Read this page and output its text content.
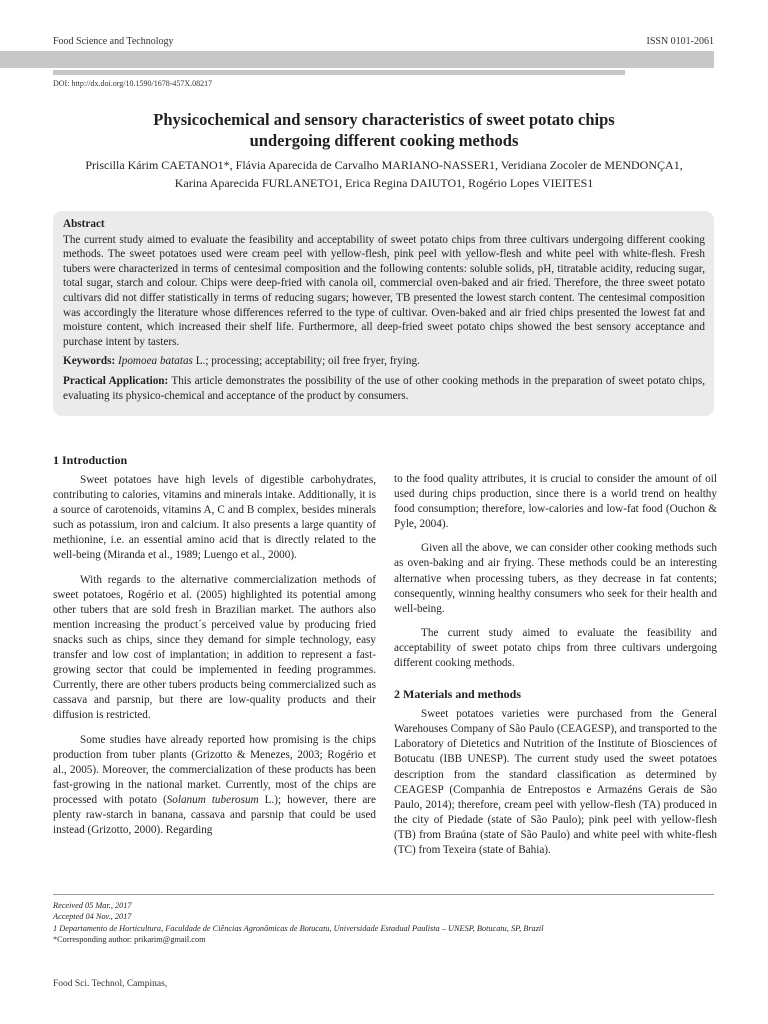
Food Science and Technology	ISSN 0101-2061
DOI: http://dx.doi.org/10.1590/1678-457X.08217
Physicochemical and sensory characteristics of sweet potato chips
undergoing different cooking methods
Priscilla Kárim CAETANO1*, Flávia Aparecida de Carvalho MARIANO-NASSER1, Veridiana Zocoler de MENDONÇA1,
Karina Aparecida FURLANETO1, Erica Regina DAIUTO1, Rogério Lopes VIEITES1
Abstract

The current study aimed to evaluate the feasibility and acceptability of sweet potato chips from three cultivars undergoing different cooking methods. The sweet potatoes used were cream peel with yellow-flesh, pink peel with yellow-flesh and white peel with white-flesh. Fresh tubers were characterized in terms of centesimal composition and the following contents: soluble solids, pH, titratable acidity, reducing sugar, total sugar, starch and colour. Chips were deep-fried with canola oil, commercial oven-baked and air fried. Therefore, the three sweet potato cultivars did not differ statistically in terms of reducing sugars; however, TB presented the lowest starch content. The centesimal composition was accordingly the literature whose differences referred to the type of cultivar. Oven-baked and air fried chips presented the lowest fat and moisture content, which increased their shelf life. Furthermore, all deep-fried sweet potato chips showed the best sensory acceptance and purchase intent by tasters.

Keywords: Ipomoea batatas L.; processing; acceptability; oil free fryer, frying.

Practical Application: This article demonstrates the possibility of the use of other cooking methods in the preparation of sweet potato chips, evaluating its physico-chemical and acceptance of the product by consumers.

1 Introduction

Sweet potatoes have high levels of digestible carbohydrates, contributing to calories, vitamins and minerals intake. Additionally, it is a source of carotenoids, vitamins A, C and B complex, besides minerals such as potassium, iron and calcium. It also presents a large quantity of methionine, i.e. an essential amino acid that is directly related to the well-being (Miranda et al., 1989; Luengo et al., 2000).

With regards to the alternative commercialization methods of sweet potatoes, Rogério et al. (2005) highlighted its potential among other tubers that are sold fresh in Brazilian market. The authors also mention increasing the product´s perceived value by producing fried snacks such as chips, since they demand for simple technology, easy transfer and low cost of implantation; in addition to represent a fast-growing sector that could be implemented in feeding programmes. Currently, there are other tubers products being commercialized such as cassava and parsnip, but there are low-quality products and their diffusion is restricted.

Some studies have already reported how promising is the chips production from tuber plants (Grizotto & Menezes, 2003; Rogério et al., 2005). Moreover, the commercialization of these products has been fast-growing in the national market. Currently, most of the chips are processed with potato (Solanum tuberosum L.); however, there are plenty raw-starch in banana, cassava and parsnip that could be used instead (Grizotto, 2000). Regarding

to the food quality attributes, it is crucial to consider the amount of oil used during chips production, since there is a world trend on healthy food consumption; therefore, low-calories and low-fat food (Ouchon & Pyle, 2004).

Given all the above, we can consider other cooking methods such as oven-baking and air frying. These methods could be an interesting alternative when processing tubers, as they decrease in fat contents; consequently, winning healthy consumers who seek for their health and well-being.

The current study aimed to evaluate the feasibility and acceptability of sweet potato chips from three cultivars undergoing different cooking methods.

2 Materials and methods

Sweet potatoes varieties were purchased from the General Warehouses Company of São Paulo (CEAGESP), and transported to the Laboratory of Dietetics and Nutrition of the Institute of Biosciences of Botucatu (IBB UNESP). The current study used the sweet potatoes description from the standard classification as determined by CEAGESP (Companhia de Entrepostos e Armazéns Gerais de São Paulo, 2014); therefore, cream peel with yellow-flesh (TA) produced in the city of Piedade (state of São Paulo); pink peel with yellow-flesh (TB) from Braúna (state of São Paulo) and white peel with white-flesh (TC) from Texeira (state of Bahia).

Received 05 Mar., 2017
Accepted 04 Nov., 2017
1 Departamento de Horticultura, Faculdade de Ciências Agronômicas de Botucatu, Universidade Estadual Paulista – UNESP, Botucatu, SP, Brazil
*Corresponding author: prikarim@gmail.com
Food Sci. Technol, Campinas,
